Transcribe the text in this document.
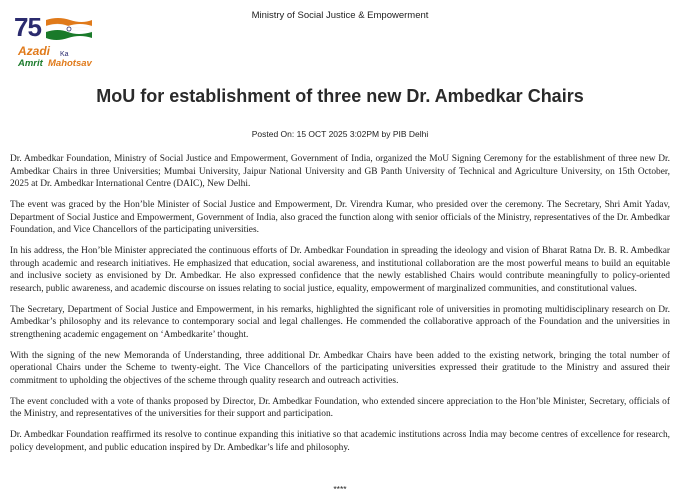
Ministry of Social Justice & Empowerment
75
Azadi Ka
Amrit Mahotsav
MoU for establishment of three new Dr. Ambedkar Chairs
Posted On: 15 OCT 2025 3:02PM by PIB Delhi

Dr. Ambedkar Foundation, Ministry of Social Justice and Empowerment, Government of India, organized the MoU Signing Ceremony for the establishment of three new Dr. Ambedkar Chairs in three Universities; Mumbai University, Jaipur National University and GB Panth University of Technical and Agriculture University, on 15th October, 2025 at Dr. Ambedkar International Centre (DAIC), New Delhi.

The event was graced by the Hon’ble Minister of Social Justice and Empowerment, Dr. Virendra Kumar, who presided over the ceremony. The Secretary, Shri Amit Yadav, Department of Social Justice and Empowerment, Government of India, also graced the function along with senior officials of the Ministry, representatives of the Dr. Ambedkar Foundation, and Vice Chancellors of the participating universities.

In his address, the Hon’ble Minister appreciated the continuous efforts of Dr. Ambedkar Foundation in spreading the ideology and vision of Bharat Ratna Dr. B. R. Ambedkar through academic and research initiatives. He emphasized that education, social awareness, and institutional collaboration are the most powerful means to build an equitable and inclusive society as envisioned by Dr. Ambedkar. He also expressed confidence that the newly established Chairs would contribute meaningfully to policy-oriented research, public awareness, and academic discourse on issues relating to social justice, equality, empowerment of marginalized communities, and constitutional values.

The Secretary, Department of Social Justice and Empowerment, in his remarks, highlighted the significant role of universities in promoting multidisciplinary research on Dr. Ambedkar’s philosophy and its relevance to contemporary social and legal challenges. He commended the collaborative approach of the Foundation and the universities in strengthening academic engagement on ‘Ambedkarite’ thought.

With the signing of the new Memoranda of Understanding, three additional Dr. Ambedkar Chairs have been added to the existing network, bringing the total number of operational Chairs under the Scheme to twenty-eight. The Vice Chancellors of the participating universities expressed their gratitude to the Ministry and assured their commitment to upholding the objectives of the scheme through quality research and outreach activities.

The event concluded with a vote of thanks proposed by Director, Dr. Ambedkar Foundation, who extended sincere appreciation to the Hon’ble Minister, Secretary, officials of the Ministry, and representatives of the universities for their support and participation.

Dr. Ambedkar Foundation reaffirmed its resolve to continue expanding this initiative so that academic institutions across India may become centres of excellence for research, policy development, and public education inspired by Dr. Ambedkar’s life and philosophy.

****
